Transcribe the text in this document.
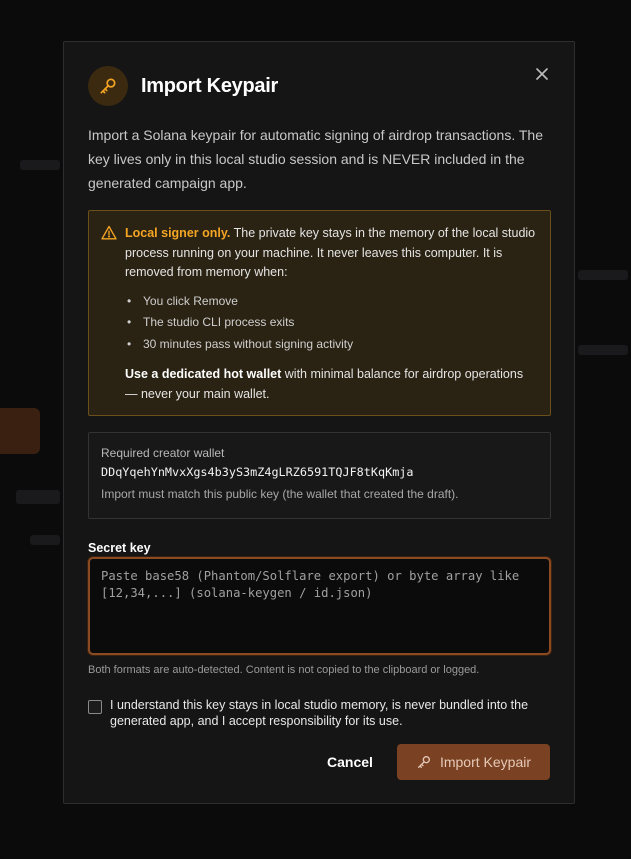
Import Keypair
Import a Solana keypair for automatic signing of airdrop transactions. The key lives only in this local studio session and is NEVER included in the generated campaign app.

Local signer only. The private key stays in the memory of the local studio process running on your machine. It never leaves this computer. It is removed from memory when:

• You click Remove
• The studio CLI process exits
• 30 minutes pass without signing activity

Use a dedicated hot wallet with minimal balance for airdrop operations — never your main wallet.

Required creator wallet
DDqYqehYnMvxXgs4b3yS3mZ4gLRZ6591TQJF8tKqKmja
Import must match this public key (the wallet that created the draft).
Secret key
Paste base58 (Phantom/Solflare export) or byte array like [12,34,...] (solana-keygen / id.json)
Both formats are auto-detected. Content is not copied to the clipboard or logged.
I understand this key stays in local studio memory, is never bundled into the generated app, and I accept responsibility for its use.
Cancel	Import Keypair
